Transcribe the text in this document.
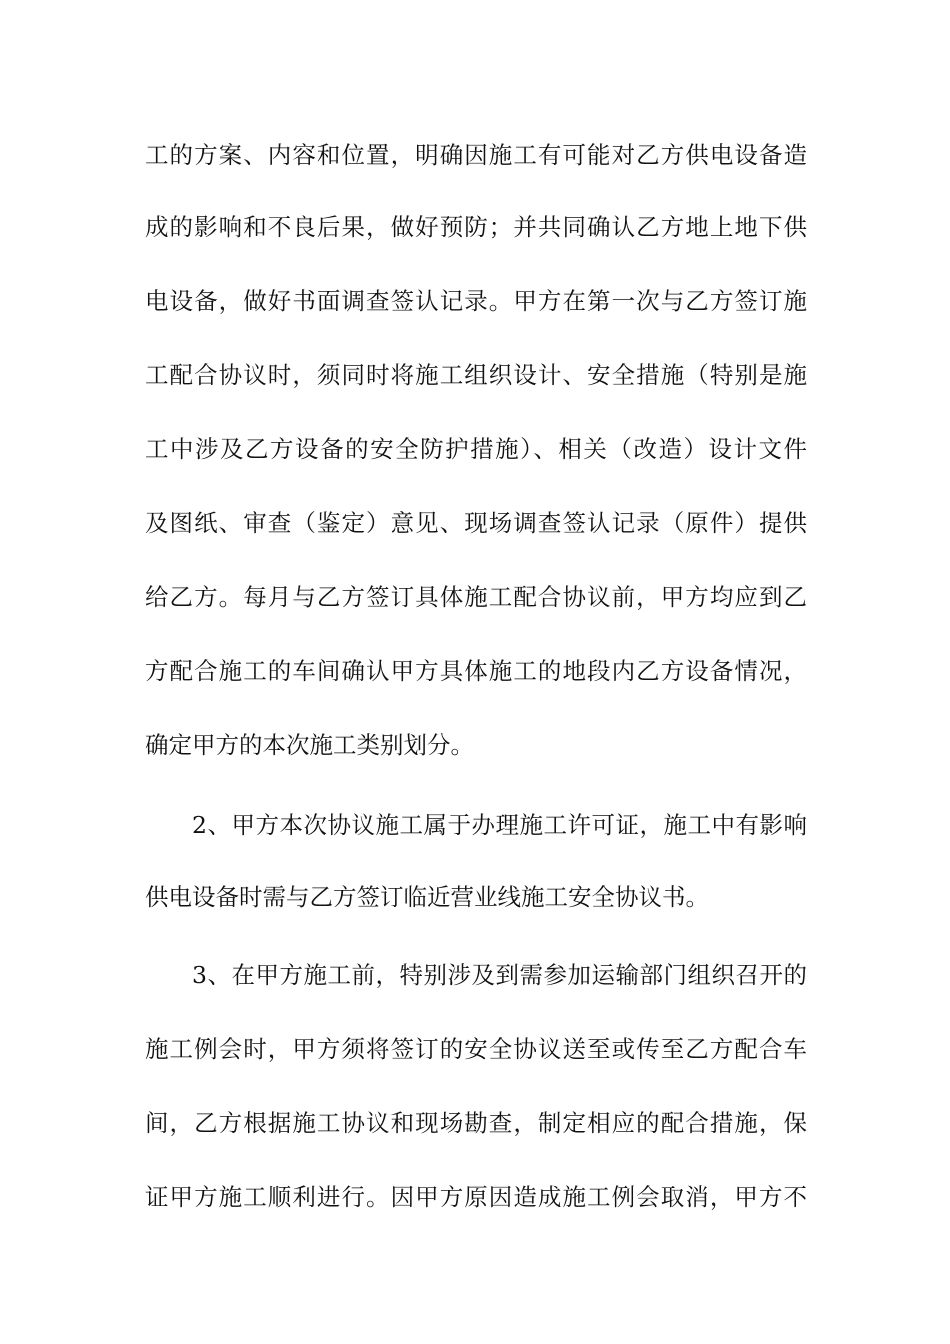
工的方案、内容和位置，明确因施工有可能对乙方供电设备造
成的影响和不良后果，做好预防；并共同确认乙方地上地下供
电设备，做好书面调查签认记录。甲方在第一次与乙方签订施
工配合协议时，须同时将施工组织设计、安全措施（特别是施
工中涉及乙方设备的安全防护措施）、相关（改造）设计文件
及图纸、审查（鉴定）意见、现场调查签认记录（原件）提供
给乙方。每月与乙方签订具体施工配合协议前，甲方均应到乙
方配合施工的车间确认甲方具体施工的地段内乙方设备情况，
确定甲方的本次施工类别划分。
2、甲方本次协议施工属于办理施工许可证，施工中有影响
供电设备时需与乙方签订临近营业线施工安全协议书。
3、在甲方施工前，特别涉及到需参加运输部门组织召开的
施工例会时，甲方须将签订的安全协议送至或传至乙方配合车
间，乙方根据施工协议和现场勘查，制定相应的配合措施，保
证甲方施工顺利进行。因甲方原因造成施工例会取消，甲方不
